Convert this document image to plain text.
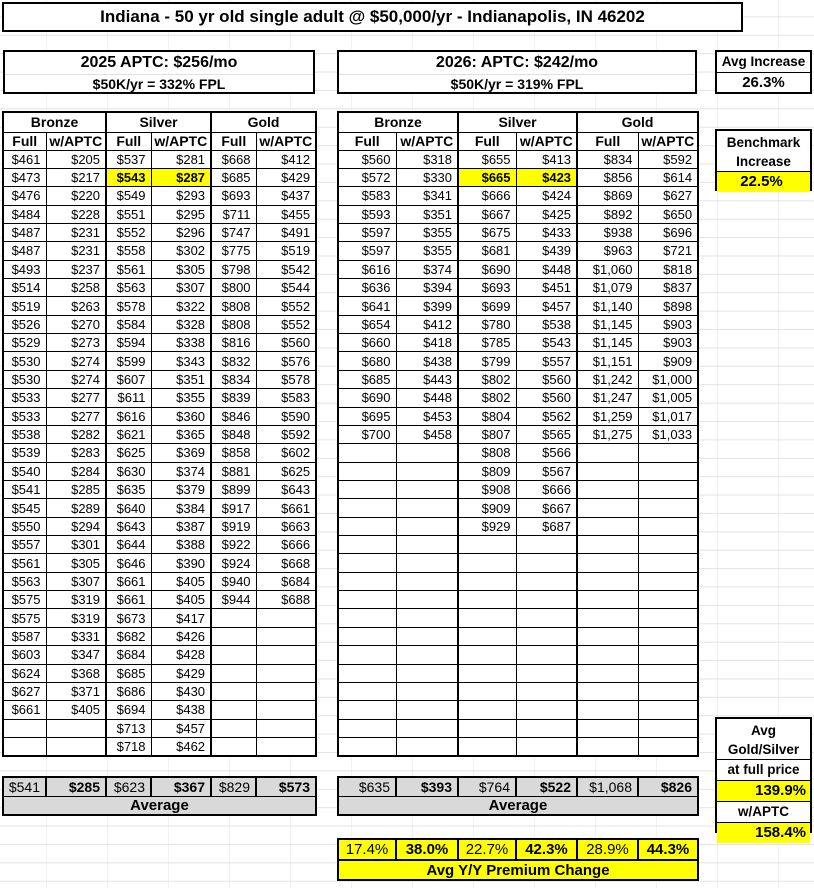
Indiana - 50 yr old single adult @ $50,000/yr - Indianapolis, IN 46202
2025 APTC: $256/mo
$50K/yr = 332% FPL
2026: APTC: $242/mo
$50K/yr = 319% FPL
Avg Increase
26.3%
Benchmark
Increase
22.5%
Bronze		Silver		Gold	
Full	w/APTC	Full	w/APTC	Full	w/APTC
$461	$205	$537	$281	$668	$412
$473	$217	$543	$287	$685	$429
$476	$220	$549	$293	$693	$437
$484	$228	$551	$295	$711	$455
$487	$231	$552	$296	$747	$491
$487	$231	$558	$302	$775	$519
$493	$237	$561	$305	$798	$542
$514	$258	$563	$307	$800	$544
$519	$263	$578	$322	$808	$552
$526	$270	$584	$328	$808	$552
$529	$273	$594	$338	$816	$560
$530	$274	$599	$343	$832	$576
$530	$274	$607	$351	$834	$578
$533	$277	$611	$355	$839	$583
$533	$277	$616	$360	$846	$590
$538	$282	$621	$365	$848	$592
$539	$283	$625	$369	$858	$602
$540	$284	$630	$374	$881	$625
$541	$285	$635	$379	$899	$643
$545	$289	$640	$384	$917	$661
$550	$294	$643	$387	$919	$663
$557	$301	$644	$388	$922	$666
$561	$305	$646	$390	$924	$668
$563	$307	$661	$405	$940	$684
$575	$319	$661	$405	$944	$688
$575	$319	$673	$417		
$587	$331	$682	$426		
$603	$347	$684	$428		
$624	$368	$685	$429		
$627	$371	$686	$430		
$661	$405	$694	$438		
		$713	$457		
		$718	$462		
Bronze		Silver		Gold	
Full	w/APTC	Full	w/APTC	Full	w/APTC
$560	$318	$655	$413	$834	$592
$572	$330	$665	$423	$856	$614
$583	$341	$666	$424	$869	$627
$593	$351	$667	$425	$892	$650
$597	$355	$675	$433	$938	$696
$597	$355	$681	$439	$963	$721
$616	$374	$690	$448	$1,060	$818
$636	$394	$693	$451	$1,079	$837
$641	$399	$699	$457	$1,140	$898
$654	$412	$780	$538	$1,145	$903
$660	$418	$785	$543	$1,145	$903
$680	$438	$799	$557	$1,151	$909
$685	$443	$802	$560	$1,242	$1,000
$690	$448	$802	$560	$1,247	$1,005
$695	$453	$804	$562	$1,259	$1,017
$700	$458	$807	$565	$1,275	$1,033
		$808	$566		
		$809	$567		
		$908	$666		
		$909	$667		
		$929	$687		

$541	$285	$623	$367	$829	$573
Average
$635	$393	$764	$522	$1,068	$826
Average
17.4%	38.0%	22.7%	42.3%	28.9%	44.3%
Avg Y/Y Premium Change
Avg
Gold/Silver
at full price
139.9%
w/APTC
158.4%
